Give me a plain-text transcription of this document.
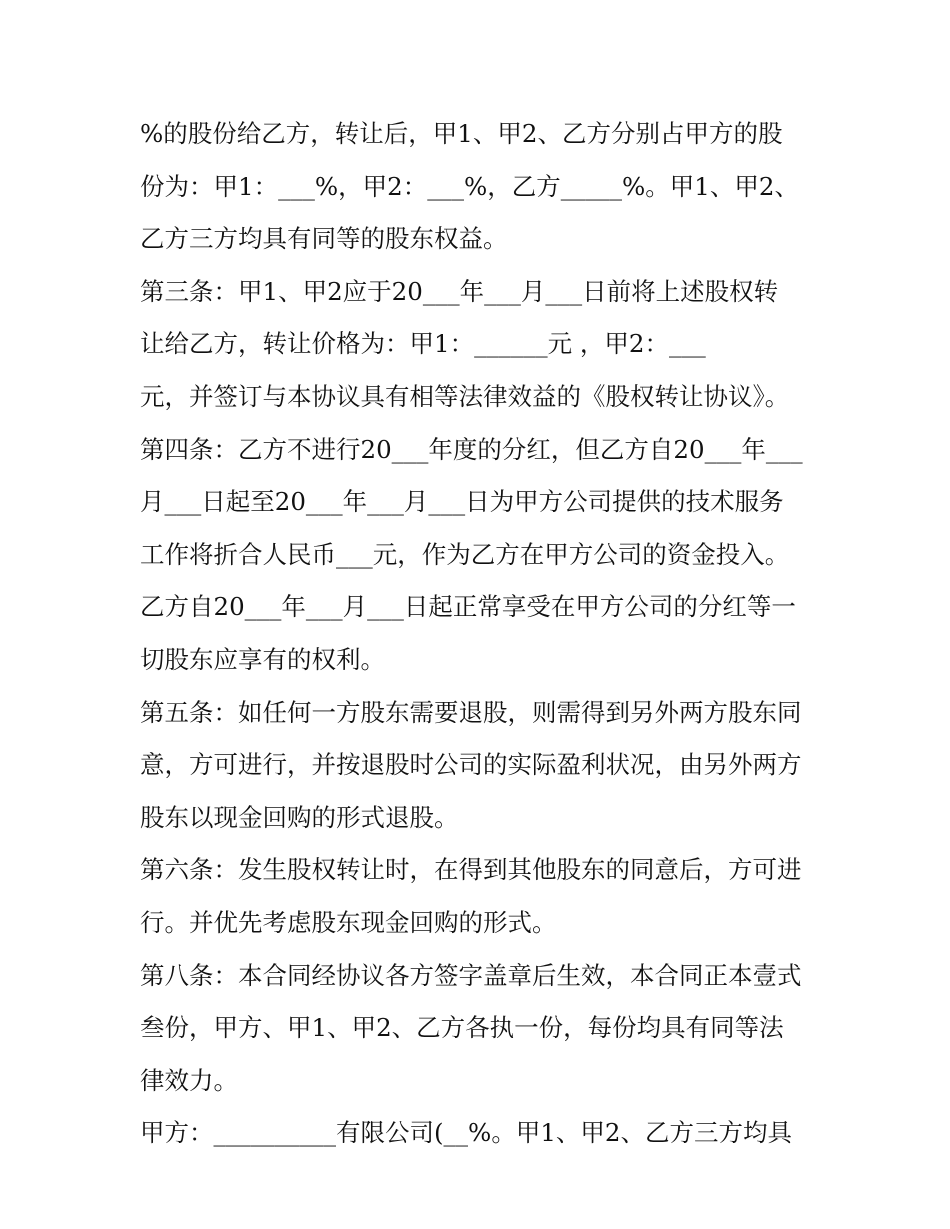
%的股份给乙方，转让后，甲1、甲2、乙方分别占甲方的股
份为：甲1：___%，甲2：___%，乙方_____%。甲1、甲2、
乙方三方均具有同等的股东权益。
第三条：甲1、甲2应于20___年___月___日前将上述股权转
让给乙方，转让价格为：甲1：______元 ，甲2：___
元，并签订与本协议具有相等法律效益的《股权转让协议》。
第四条：乙方不进行20___年度的分红，但乙方自20___年___
月___日起至20___年___月___日为甲方公司提供的技术服务
工作将折合人民币___元，作为乙方在甲方公司的资金投入。
乙方自20___年___月___日起正常享受在甲方公司的分红等一
切股东应享有的权利。
第五条：如任何一方股东需要退股，则需得到另外两方股东同
意，方可进行，并按退股时公司的实际盈利状况，由另外两方
股东以现金回购的形式退股。
第六条：发生股权转让时，在得到其他股东的同意后，方可进
行。并优先考虑股东现金回购的形式。
第八条：本合同经协议各方签字盖章后生效，本合同正本壹式
叁份，甲方、甲1、甲2、乙方各执一份，每份均具有同等法
律效力。
甲方：__________有限公司(__%。甲1、甲2、乙方三方均具
